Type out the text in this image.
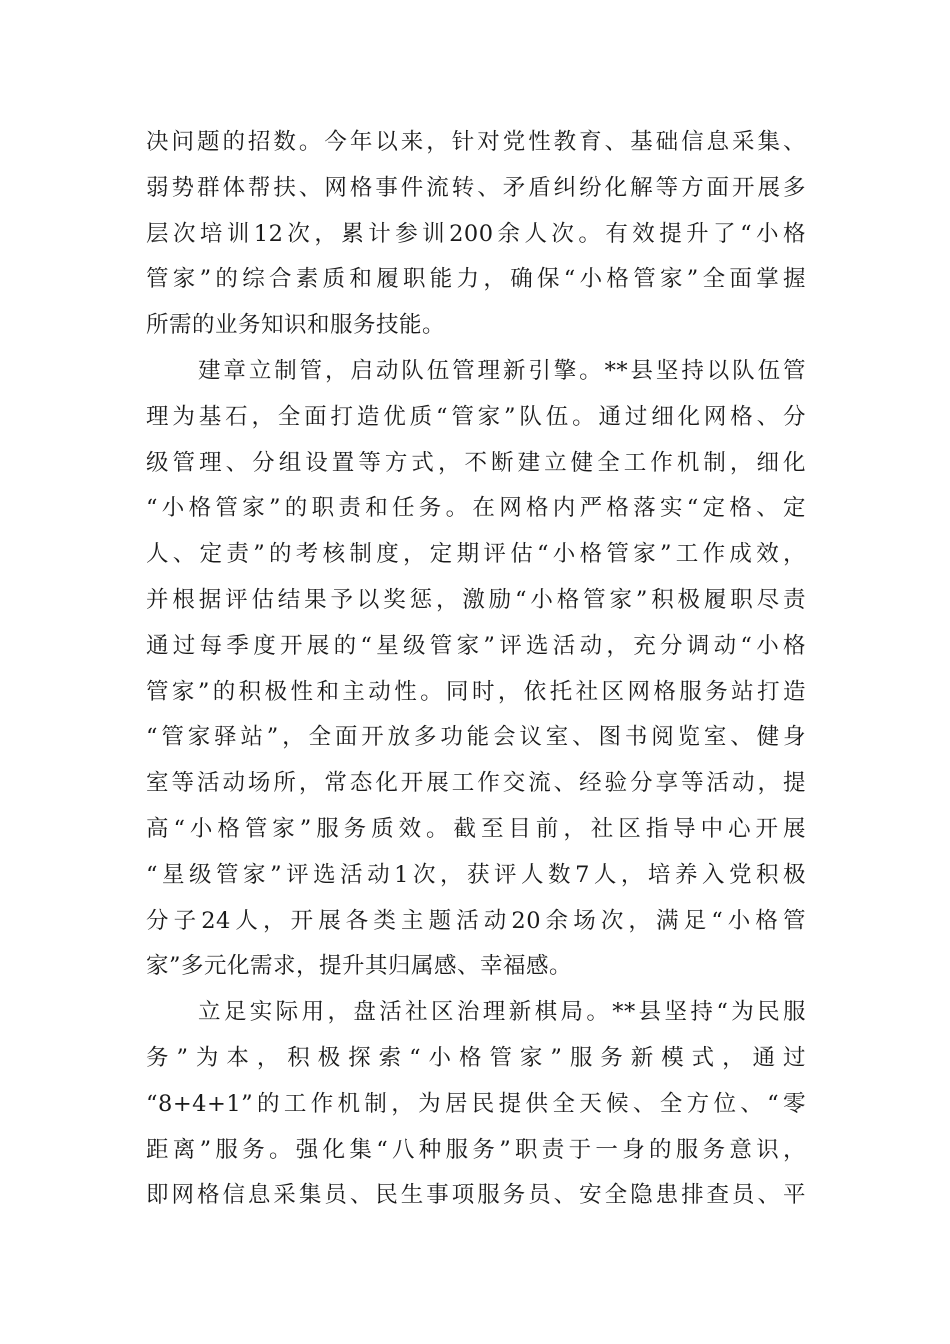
决问题的招数。今年以来，针对党性教育、基础信息采集、
弱势群体帮扶、网格事件流转、矛盾纠纷化解等方面开展多
层次培训12次，累计参训200余人次。有效提升了“小格
管家”的综合素质和履职能力，确保“小格管家”全面掌握
所需的业务知识和服务技能。
建章立制管，启动队伍管理新引擎。**县坚持以队伍管
理为基石，全面打造优质“管家”队伍。通过细化网格、分
级管理、分组设置等方式，不断建立健全工作机制，细化
“小格管家”的职责和任务。在网格内严格落实“定格、定
人、定责”的考核制度，定期评估“小格管家”工作成效，
并根据评估结果予以奖惩，激励“小格管家”积极履职尽责
通过每季度开展的“星级管家”评选活动，充分调动“小格
管家”的积极性和主动性。同时，依托社区网格服务站打造
“管家驿站”，全面开放多功能会议室、图书阅览室、健身
室等活动场所，常态化开展工作交流、经验分享等活动，提
高“小格管家”服务质效。截至目前，社区指导中心开展
“星级管家”评选活动1次，获评人数7人，培养入党积极
分子24人，开展各类主题活动20余场次，满足“小格管
家”多元化需求，提升其归属感、幸福感。
立足实际用，盘活社区治理新棋局。**县坚持“为民服
务”为本，积极探索“小格管家”服务新模式，通过
“8+4+1”的工作机制，为居民提供全天候、全方位、“零
距离”服务。强化集“八种服务”职责于一身的服务意识，
即网格信息采集员、民生事项服务员、安全隐患排查员、平
